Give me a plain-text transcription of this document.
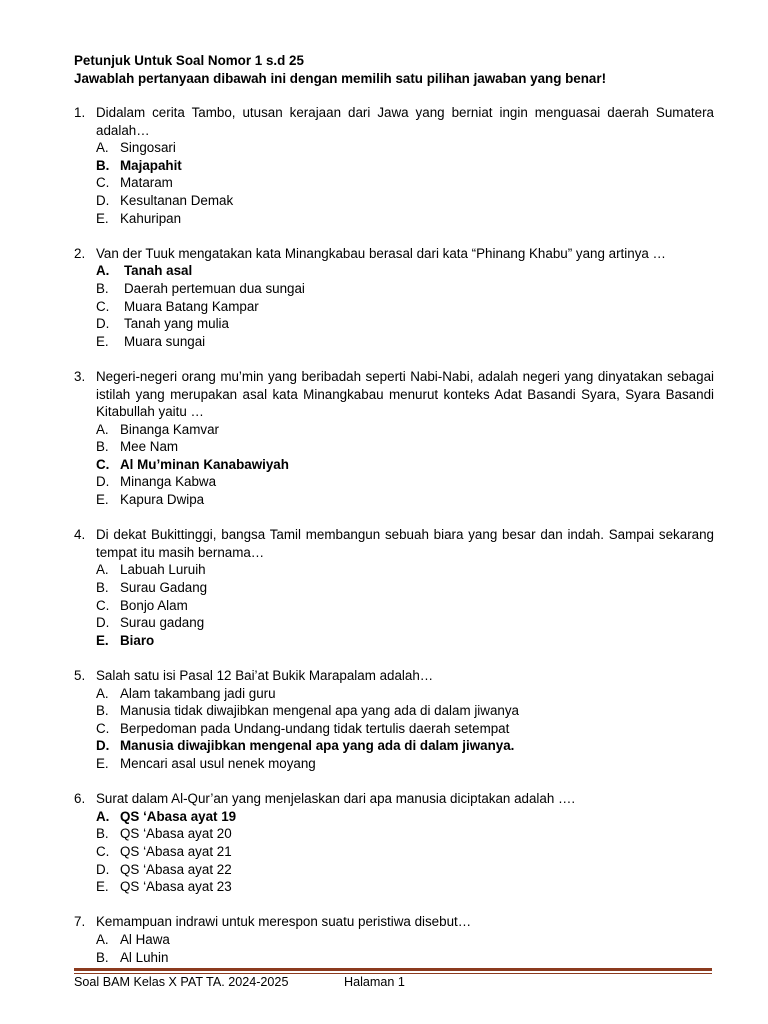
Petunjuk Untuk Soal Nomor 1 s.d 25
Jawablah pertanyaan dibawah ini dengan memilih satu pilihan jawaban yang benar!
1. Didalam cerita Tambo, utusan kerajaan dari Jawa yang berniat ingin menguasai daerah Sumatera adalah…
A. Singosari
B. Majapahit
C. Mataram
D. Kesultanan Demak
E. Kahuripan
2. Van der Tuuk mengatakan kata Minangkabau berasal dari kata “Phinang Khabu” yang artinya …
A.	Tanah asal
B.	Daerah pertemuan dua sungai
C.	Muara Batang Kampar
D.	Tanah yang mulia
E.	Muara sungai
3. Negeri-negeri orang mu’min yang beribadah seperti Nabi-Nabi, adalah negeri yang dinyatakan sebagai istilah yang merupakan asal kata Minangkabau menurut konteks Adat Basandi Syara, Syara Basandi Kitabullah yaitu …
A. Binanga Kamvar
B. Mee Nam
C. Al Mu’minan Kanabawiyah
D. Minanga Kabwa
E. Kapura Dwipa
4. Di dekat Bukittinggi, bangsa Tamil membangun sebuah biara yang besar dan indah. Sampai sekarang tempat itu masih bernama…
A. Labuah Luruih
B. Surau Gadang
C. Bonjo Alam
D. Surau gadang
E. Biaro
5. Salah satu isi Pasal 12 Bai’at Bukik Marapalam adalah…
A. Alam takambang jadi guru
B. Manusia tidak diwajibkan mengenal apa yang ada di dalam jiwanya
C. Berpedoman pada Undang-undang tidak tertulis daerah setempat
D. Manusia diwajibkan mengenal apa yang ada di dalam jiwanya.
E. Mencari asal usul nenek moyang
6. Surat dalam Al-Qur’an yang menjelaskan dari apa manusia diciptakan adalah ….
A. QS ‘Abasa ayat 19
B. QS ‘Abasa ayat 20
C. QS ‘Abasa ayat 21
D. QS ‘Abasa ayat 22
E. QS ‘Abasa ayat 23
7. Kemampuan indrawi untuk merespon suatu peristiwa disebut…
A. Al Hawa
B. Al Luhin
Soal BAM Kelas X PAT TA. 2024-2025	Halaman 1
